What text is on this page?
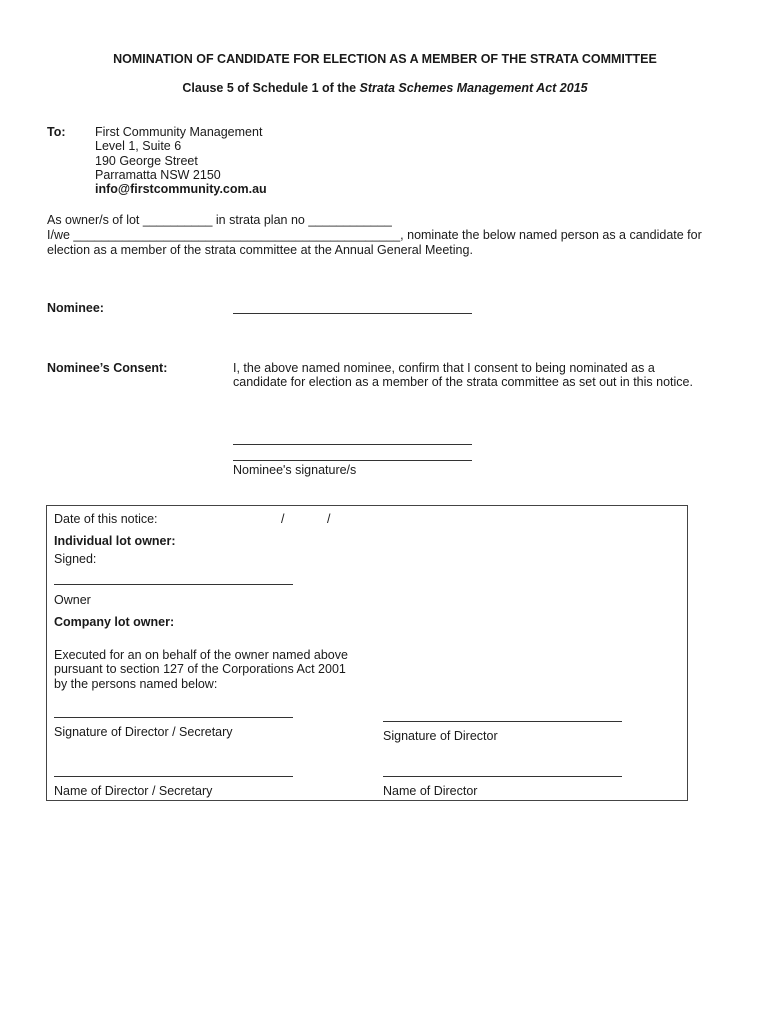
NOMINATION OF CANDIDATE FOR ELECTION AS A MEMBER OF THE STRATA COMMITTEE
Clause 5 of Schedule 1 of the Strata Schemes Management Act 2015
To: First Community Management
Level 1, Suite 6
190 George Street
Parramatta NSW 2150
info@firstcommunity.com.au
As owner/s of lot __________ in strata plan no ____________
I/we _______________________________________________, nominate the below named person as a candidate for
election as a member of the strata committee at the Annual General Meeting.
Nominee:
Nominee’s Consent:	I, the above named nominee, confirm that I consent to being nominated as a
candidate for election as a member of the strata committee as set out in this notice.
Nominee's signature/s
Date of this notice:	/	/
Individual lot owner:
Signed:
Owner
Company lot owner:
Executed for an on behalf of the owner named above
pursuant to section 127 of the Corporations Act 2001
by the persons named below:
Signature of Director / Secretary	Signature of Director
Name of Director / Secretary	Name of Director
